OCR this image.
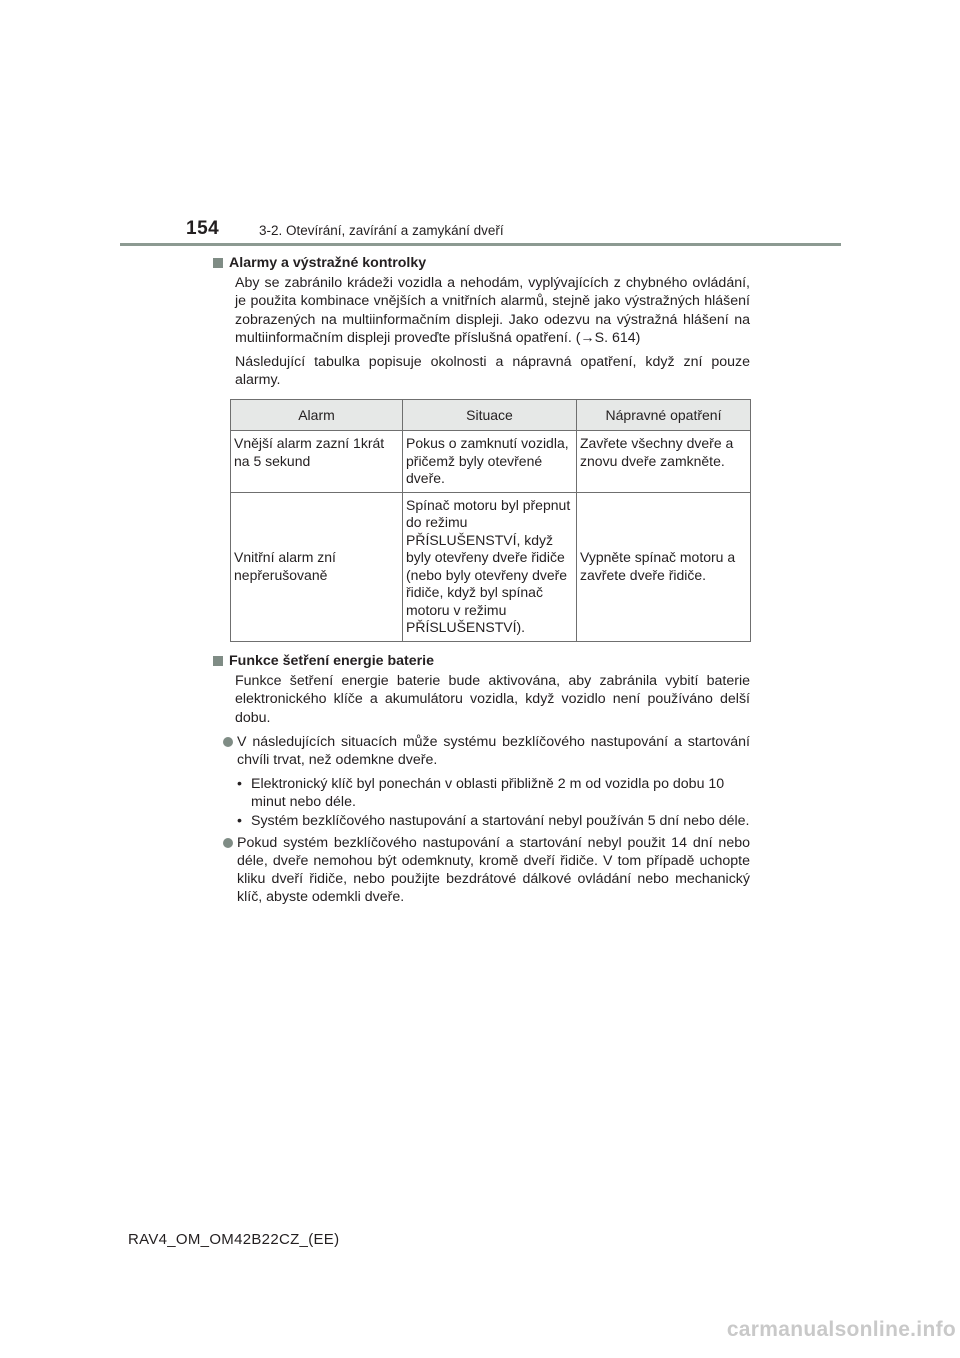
154	3-2. Otevírání, zavírání a zamykání dveří
Alarmy a výstražné kontrolky

Aby se zabránilo krádeži vozidla a nehodám, vyplývajících z chybného ovládání, je použita kombinace vnějších a vnitřních alarmů, stejně jako výstražných hlášení zobrazených na multiinformačním displeji. Jako odezvu na výstražná hlášení na multiinformačním displeji proveďte příslušná opatření. (→S. 614)

Následující tabulka popisuje okolnosti a nápravná opatření, když zní pouze alarmy.

Alarm	Situace	Nápravné opatření
Vnější alarm zazní 1krát na 5 sekund	Pokus o zamknutí vozidla, přičemž byly otevřené dveře.	Zavřete všechny dveře a znovu dveře zamkněte.
Vnitřní alarm zní nepřerušovaně	Spínač motoru byl přepnut do režimu PŘÍSLUŠENSTVÍ, když byly otevřeny dveře řidiče (nebo byly otevřeny dveře řidiče, když byl spínač motoru v režimu PŘÍSLUŠENSTVÍ).	Vypněte spínač motoru a zavřete dveře řidiče.
Funkce šetření energie baterie

Funkce šetření energie baterie bude aktivována, aby zabránila vybití baterie elektronického klíče a akumulátoru vozidla, když vozidlo není používáno delší dobu.

V následujících situacích může systému bezklíčového nastupování a startování chvíli trvat, než odemkne dveře.
• Elektronický klíč byl ponechán v oblasti přibližně 2 m od vozidla po dobu 10 minut nebo déle.
• Systém bezklíčového nastupování a startování nebyl používán 5 dní nebo déle.
Pokud systém bezklíčového nastupování a startování nebyl použit 14 dní nebo déle, dveře nemohou být odemknuty, kromě dveří řidiče. V tom případě uchopte kliku dveří řidiče, nebo použijte bezdrátové dálkové ovládání nebo mechanický klíč, abyste odemkli dveře.
RAV4_OM_OM42B22CZ_(EE)
carmanualsonline.info
